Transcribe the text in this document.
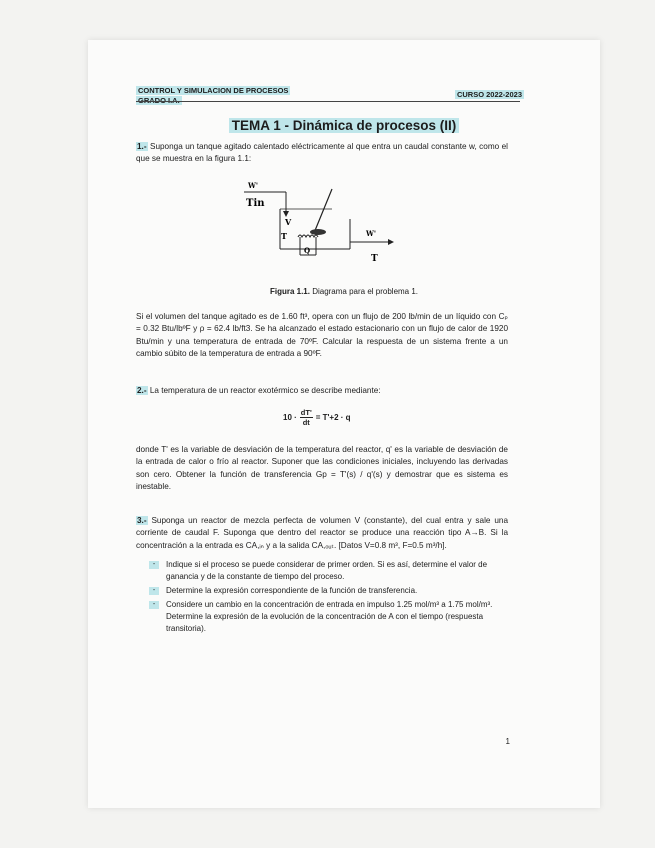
CONTROL Y SIMULACION DE PROCESOS
GRADO I.A.
CURSO 2022-2023
TEMA 1 - Dinámica de procesos (II)
1.- Suponga un tanque agitado calentado eléctricamente al que entra un caudal constante w, como el que se muestra en la figura 1.1:
W'
Tin
V
T
Q
W'
T
Figura 1.1. Diagrama para el problema 1.
Si el volumen del tanque agitado es de 1.60 ft³, opera con un flujo de 200 lb/min de un líquido con Cₚ = 0.32 Btu/lbºF y ρ = 62.4 lb/ft3. Se ha alcanzado el estado estacionario con un flujo de calor de 1920 Btu/min y una temperatura de entrada de 70ºF. Calcular la respuesta de un sistema frente a un cambio súbito de la temperatura de entrada a 90ºF.
2.- La temperatura de un reactor exotérmico se describe mediante:
$10 \cdot \frac{dT'}{dt} = T'+2 \cdot q$
donde T' es la variable de desviación de la temperatura del reactor, q' es la variable de desviación de la entrada de calor o frío al reactor. Suponer que las condiciones iniciales, incluyendo las derivadas son cero. Obtener la función de transferencia Gp = T'(s) / q'(s) y demostrar que es sistema es inestable.
3.- Suponga un reactor de mezcla perfecta de volumen V (constante), del cual entra y sale una corriente de caudal F. Suponga que dentro del reactor se produce una reacción tipo A→B. Si la concentración a la entrada es CA,ᵢₙ y a la salida CA,ₒᵤₜ. [Datos V=0.8 m³, F=0.5 m³/h].
-	Indique si el proceso se puede considerar de primer orden. Si es así, determine el valor de ganancia y de la constante de tiempo del proceso.
-	Determine la expresión correspondiente de la función de transferencia.
-	Considere un cambio en la concentración de entrada en impulso 1.25 mol/m³ a 1.75 mol/m³. Determine la expresión de la evolución de la concentración de A con el tiempo (respuesta transitoria).
1
